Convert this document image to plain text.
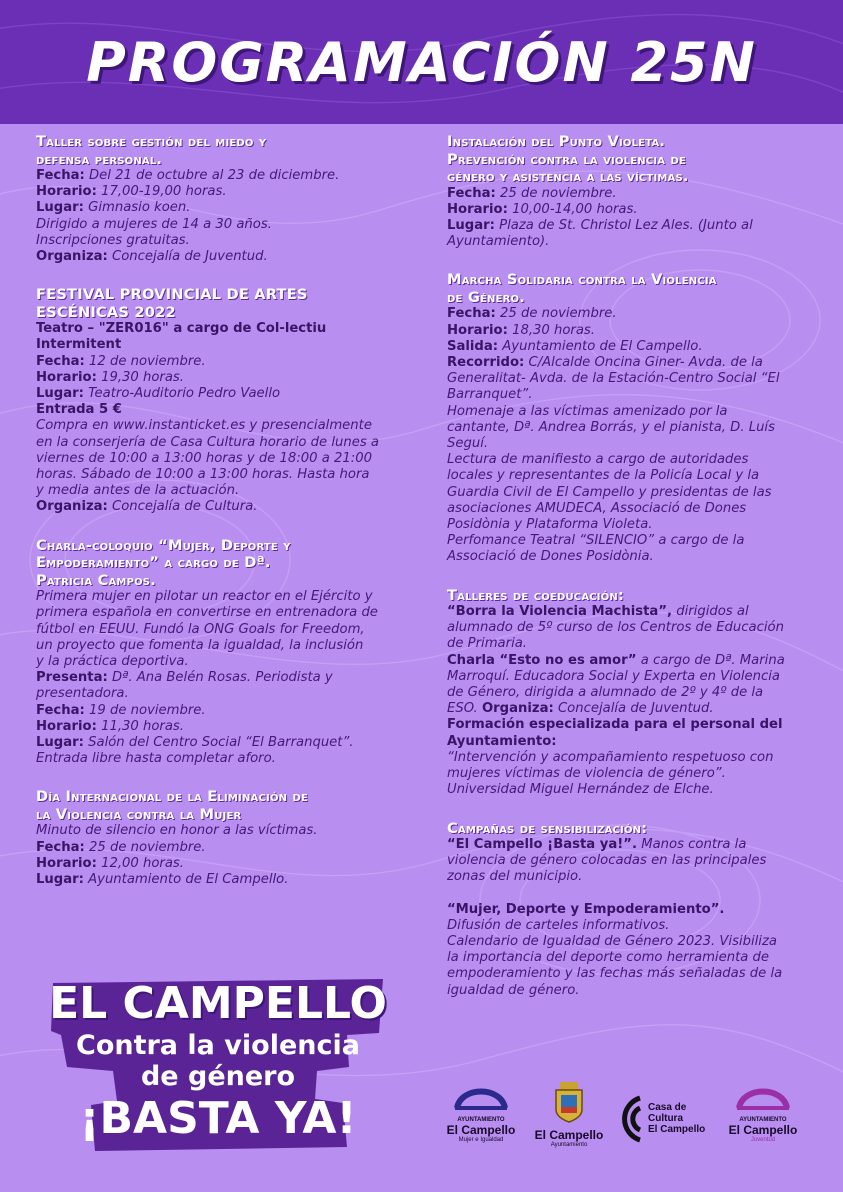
PROGRAMACIÓN 25N
Taller sobre gestión del miedo y
defensa personal.
Fecha: Del 21 de octubre al 23 de diciembre.
Horario: 17,00-19,00 horas.
Lugar: Gimnasio koen.
Dirigido a mujeres de 14 a 30 años.
Inscripciones gratuitas.
Organiza: Concejalía de Juventud.
FESTIVAL PROVINCIAL DE ARTES
ESCÉNICAS 2022
Teatro – "ZER016" a cargo de Col-lectiu
Intermitent
Fecha: 12 de noviembre.
Horario: 19,30 horas.
Lugar: Teatro-Auditorio Pedro Vaello
Entrada 5 €
Compra en www.instanticket.es y presencialmente
en la conserjería de Casa Cultura horario de lunes a
viernes de 10:00 a 13:00 horas y de 18:00 a 21:00
horas. Sábado de 10:00 a 13:00 horas. Hasta hora
y media antes de la actuación.
Organiza: Concejalía de Cultura.
Charla-coloquio “Mujer, Deporte y
Empoderamiento” a cargo de Dª.
Patricia Campos.
Primera mujer en pilotar un reactor en el Ejército y
primera española en convertirse en entrenadora de
fútbol en EEUU. Fundó la ONG Goals for Freedom,
un proyecto que fomenta la igualdad, la inclusión
y la práctica deportiva.
Presenta: Dª. Ana Belén Rosas. Periodista y
presentadora.
Fecha: 19 de noviembre.
Horario: 11,30 horas.
Lugar: Salón del Centro Social “El Barranquet”.
Entrada libre hasta completar aforo.
Día Internacional de la Eliminación de
la Violencia contra la Mujer
Minuto de silencio en honor a las víctimas.
Fecha: 25 de noviembre.
Horario: 12,00 horas.
Lugar: Ayuntamiento de El Campello.
Instalación del Punto Violeta.
Prevención contra la violencia de
género y asistencia a las víctimas.
Fecha: 25 de noviembre.
Horario: 10,00-14,00 horas.
Lugar: Plaza de St. Christol Lez Ales. (Junto al
Ayuntamiento).
Marcha Solidaria contra la Violencia
de Género.
Fecha: 25 de noviembre.
Horario: 18,30 horas.
Salida: Ayuntamiento de El Campello.
Recorrido: C/Alcalde Oncina Giner- Avda. de la
Generalitat- Avda. de la Estación-Centro Social “El
Barranquet”.
Homenaje a las víctimas amenizado por la
cantante, Dª. Andrea Borrás, y el pianista, D. Luís
Seguí.
Lectura de manifiesto a cargo de autoridades
locales y representantes de la Policía Local y la
Guardia Civil de El Campello y presidentas de las
asociaciones AMUDECA, Associació de Dones
Posidònia y Plataforma Violeta.
Perfomance Teatral “SILENCIO” a cargo de la
Associació de Dones Posidònia.
Talleres de coeducación:
“Borra la Violencia Machista”, dirigidos al
alumnado de 5º curso de los Centros de Educación
de Primaria.
Charla “Esto no es amor” a cargo de Dª. Marina
Marroquí. Educadora Social y Experta en Violencia
de Género, dirigida a alumnado de 2º y 4º de la
ESO. Organiza: Concejalía de Juventud.
Formación especializada para el personal del
Ayuntamiento:
“Intervención y acompañamiento respetuoso con
mujeres víctimas de violencia de género”.
Universidad Miguel Hernández de Elche.
Campañas de sensibilización:
“El Campello ¡Basta ya!”. Manos contra la
violencia de género colocadas en las principales
zonas del municipio.
“Mujer, Deporte y Empoderamiento”.
Difusión de carteles informativos.
Calendario de Igualdad de Género 2023. Visibiliza
la importancia del deporte como herramienta de
empoderamiento y las fechas más señaladas de la
igualdad de género.
EL CAMPELLO
Contra la violencia
de género
¡BASTA YA!	AYUNTAMIENTO
El Campello
Mujer e Igualdad	El Campello
Ayuntamiento
Casa de
Cultura
El Campello
AYUNTAMIENTO
El Campello
Juventud
